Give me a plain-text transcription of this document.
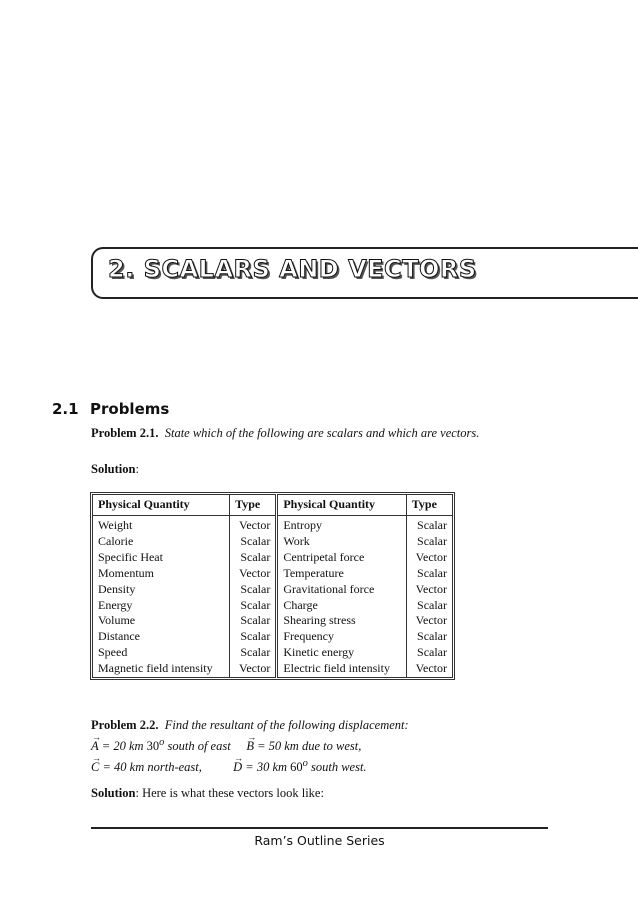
2. SCALARS AND VECTORS
2.1 Problems
Problem 2.1. State which of the following are scalars and which are vectors.
Solution:
Physical Quantity	Type	Physical Quantity	Type
Weight	Vector	Entropy	Scalar
Calorie	Scalar	Work	Scalar
Specific Heat	Scalar	Centripetal force	Vector
Momentum	Vector	Temperature	Scalar
Density	Scalar	Gravitational force	Vector
Energy	Scalar	Charge	Scalar
Volume	Scalar	Shearing stress	Vector
Distance	Scalar	Frequency	Scalar
Speed	Scalar	Kinetic energy	Scalar
Magnetic field intensity	Vector	Electric field intensity	Vector
Problem 2.2. Find the resultant of the following displacement:
→ A = 20 km 30$^o$ south of east → B = 50 km due to west,
→ C = 40 km north-east,	→ D = 30 km 60$^o$ south west.
Solution: Here is what these vectors look like:
Ram’s Outline Series
